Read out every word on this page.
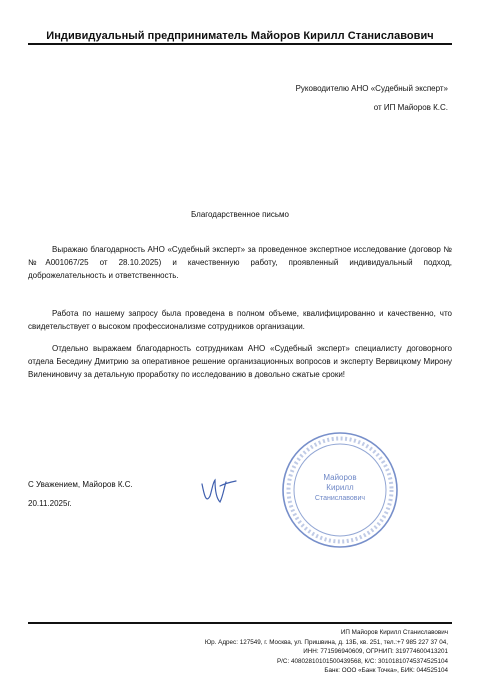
Индивидуальный предприниматель Майоров Кирилл Станиславович
Руководителю АНО «Судебный эксперт»
от ИП Майоров К.С.
Благодарственное письмо
Выражаю благодарность АНО «Судебный эксперт» за проведенное экспертное исследование (договор № №А001067/25 от 28.10.2025) и качественную работу, проявленный индивидуальный подход, доброжелательность и ответственность.
Работа по нашему запросу была проведена в полном объеме, квалифицированно и качественно, что свидетельствует о высоком профессионализме сотрудников организации.
Отдельно выражаем благодарность сотрудникам АНО «Судебный эксперт» специалисту договорного отдела Беседину Дмитрию за оперативное решение организационных вопросов и эксперту Вервицкому Мирону Вилениновичу за детальную проработку по исследованию в довольно сжатые сроки!
С Уважением, Майоров К.С.
20.11.2025г.
Майоров
Кирилл
Станиславович
ИП Майоров Кирилл Станиславович
Юр. Адрес: 127549, г. Москва, ул. Пришвина, д. 13Б, кв. 251, тел.:+7 985 227 37 04,
ИНН: 771596940609, ОГРНИП: 319774600413201
Р/С: 40802810101500439568, К/С: 30101810745374525104
Банк: ООО «Банк Точка», БИК: 044525104
